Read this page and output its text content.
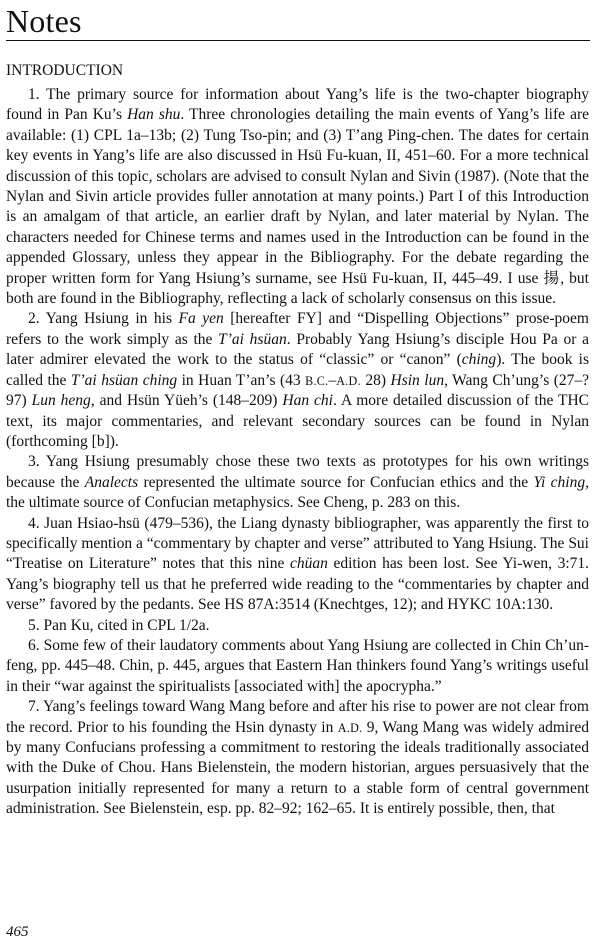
Notes
INTRODUCTION

1. The primary source for information about Yang’s life is the two-chapter biography found in Pan Ku’s Han shu. Three chronologies detailing the main events of Yang’s life are available: (1) CPL 1a–13b; (2) Tung Tso-pin; and (3) T’ang Ping-chen. The dates for certain key events in Yang’s life are also discussed in Hsü Fu-kuan, II, 451–60. For a more technical discussion of this topic, scholars are advised to consult Nylan and Sivin (1987). (Note that the Nylan and Sivin article provides fuller annotation at many points.) Part I of this Introduction is an amalgam of that article, an earlier draft by Nylan, and later material by Nylan. The characters needed for Chinese terms and names used in the Introduction can be found in the appended Glossary, unless they appear in the Bibliography. For the debate regarding the proper written form for Yang Hsiung’s surname, see Hsü Fu-kuan, II, 445–49. I use 揚, but both are found in the Bibliography, reflecting a lack of scholarly consensus on this issue.

2. Yang Hsiung in his Fa yen [hereafter FY] and “Dispelling Objections” prose-poem refers to the work simply as the T’ai hsüan. Probably Yang Hsiung’s disciple Hou Pa or a later admirer elevated the work to the status of “classic” or “canon” (ching). The book is called the T’ai hsüan ching in Huan T’an’s (43 B.C.–A.D. 28) Hsin lun, Wang Ch’ung’s (27–?97) Lun heng, and Hsün Yüeh’s (148–209) Han chi. A more detailed discussion of the THC text, its major commentaries, and relevant secondary sources can be found in Nylan (forthcoming [b]).

3. Yang Hsiung presumably chose these two texts as prototypes for his own writings because the Analects represented the ultimate source for Confucian ethics and the Yi ching, the ultimate source of Confucian metaphysics. See Cheng, p. 283 on this.

4. Juan Hsiao-hsü (479–536), the Liang dynasty bibliographer, was apparently the first to specifically mention a “commentary by chapter and verse” attributed to Yang Hsiung. The Sui “Treatise on Literature” notes that this nine chüan edition has been lost. See Yi-wen, 3:71. Yang’s biography tell us that he preferred wide reading to the “commentaries by chapter and verse” favored by the pedants. See HS 87A:3514 (Knechtges, 12); and HYKC 10A:130.

5. Pan Ku, cited in CPL 1/2a.

6. Some few of their laudatory comments about Yang Hsiung are collected in Chin Ch’un-feng, pp. 445–48. Chin, p. 445, argues that Eastern Han thinkers found Yang’s writings useful in their “war against the spiritualists [associated with] the apocrypha.”

7. Yang’s feelings toward Wang Mang before and after his rise to power are not clear from the record. Prior to his founding the Hsin dynasty in A.D. 9, Wang Mang was widely admired by many Confucians professing a commitment to restoring the ideals traditionally associated with the Duke of Chou. Hans Bielenstein, the modern historian, argues persuasively that the usurpation initially represented for many a return to a stable form of central government administration. See Bielenstein, esp. pp. 82–92; 162–65. It is entirely possible, then, that

465
